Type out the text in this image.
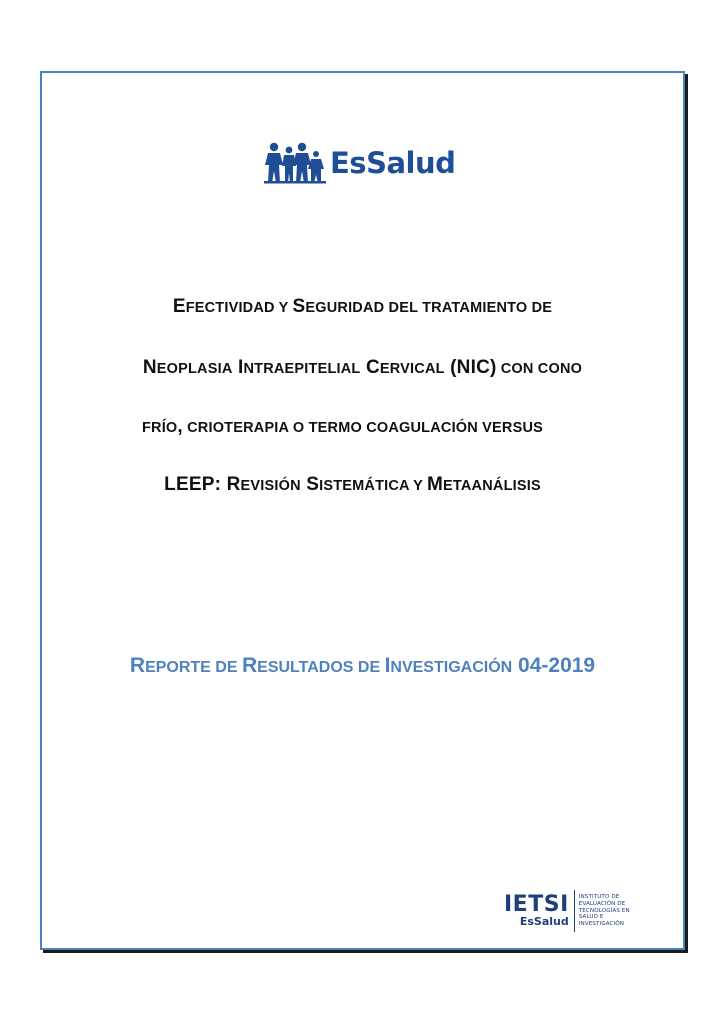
EsSalud
EFECTIVIDAD Y SEGURIDAD DEL TRATAMIENTO DE
NEOPLASIA INTRAEPITELIAL CERVICAL (NIC) CON CONO
FRÍO, CRIOTERAPIA O TERMO COAGULACIÓN VERSUS
LEEP: REVISIÓN SISTEMÁTICA Y METAANÁLISIS
REPORTE DE RESULTADOS DE INVESTIGACIÓN 04-2019
IETSI
EsSalud
INSTITUTO DE
EVALUACIÓN DE
TECNOLOGÍAS EN
SALUD E
INVESTIGACIÓN
